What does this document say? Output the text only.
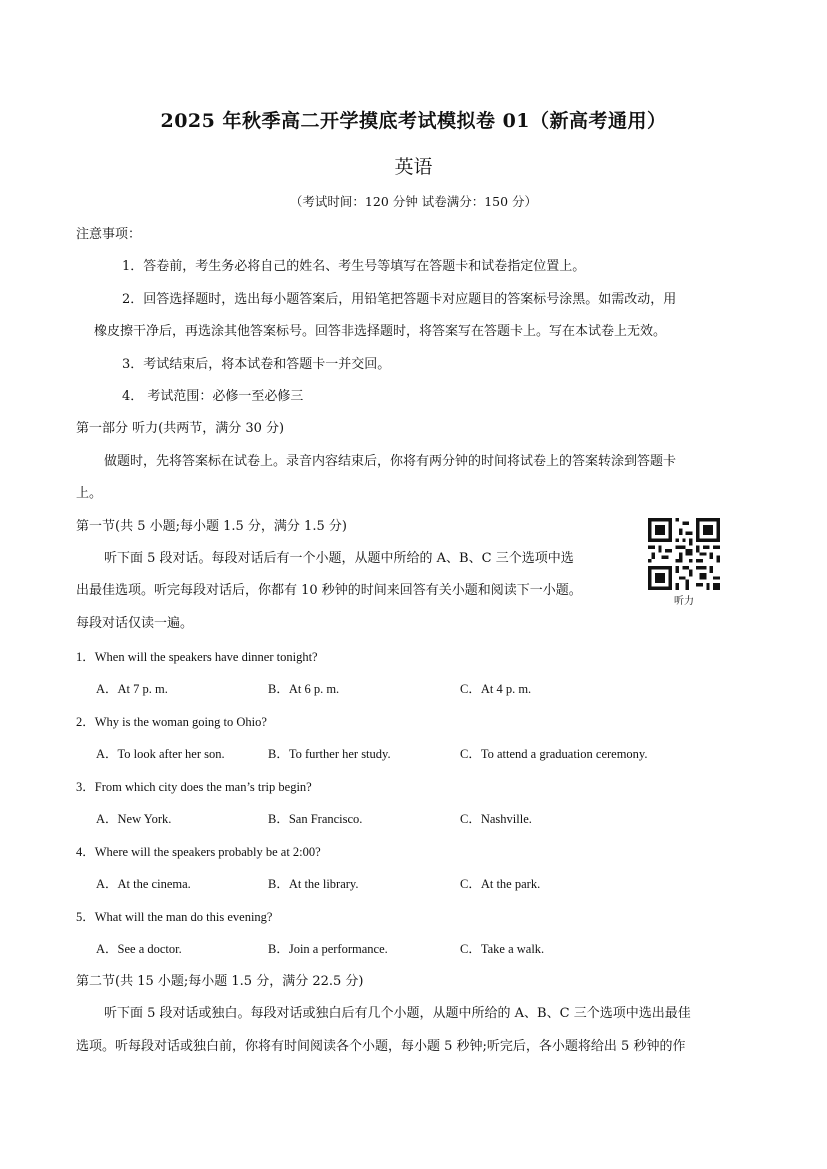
2025 年秋季高二开学摸底考试模拟卷 01（新高考通用）
英语
（考试时间：120 分钟 试卷满分：150 分）
注意事项：
1．答卷前，考生务必将自己的姓名、考生号等填写在答题卡和试卷指定位置上。
2．回答选择题时，选出每小题答案后，用铅笔把答题卡对应题目的答案标号涂黑。如需改动，用
橡皮擦干净后，再选涂其他答案标号。回答非选择题时，将答案写在答题卡上。写在本试卷上无效。
3．考试结束后，将本试卷和答题卡一并交回。
4． 考试范围：必修一至必修三
第一部分 听力(共两节，满分 30 分)
做题时，先将答案标在试卷上。录音内容结束后，你将有两分钟的时间将试卷上的答案转涂到答题卡
上。
第一节(共 5 小题;每小题 1.5 分，满分 1.5 分)
听下面 5 段对话。每段对话后有一个小题，从题中所给的 A、B、C 三个选项中选
出最佳选项。听完每段对话后，你都有 10 秒钟的时间来回答有关小题和阅读下一小题。
每段对话仅读一遍。
听力
1．When will the speakers have dinner tonight?
A．At 7 p. m.	B．At 6 p. m.	C．At 4 p. m.
2．Why is the woman going to Ohio?
A．To look after her son.	B．To further her study.	C．To attend a graduation ceremony.
3．From which city does the man’s trip begin?
A．New York.	B．San Francisco.	C．Nashville.
4．Where will the speakers probably be at 2:00?
A．At the cinema.	B．At the library.	C．At the park.
5．What will the man do this evening?
A．See a doctor.	B．Join a performance.	C．Take a walk.
第二节(共 15 小题;每小题 1.5 分，满分 22.5 分)
听下面 5 段对话或独白。每段对话或独白后有几个小题，从题中所给的 A、B、C 三个选项中选出最佳
选项。听每段对话或独白前，你将有时间阅读各个小题，每小题 5 秒钟;听完后，各小题将给出 5 秒钟的作
